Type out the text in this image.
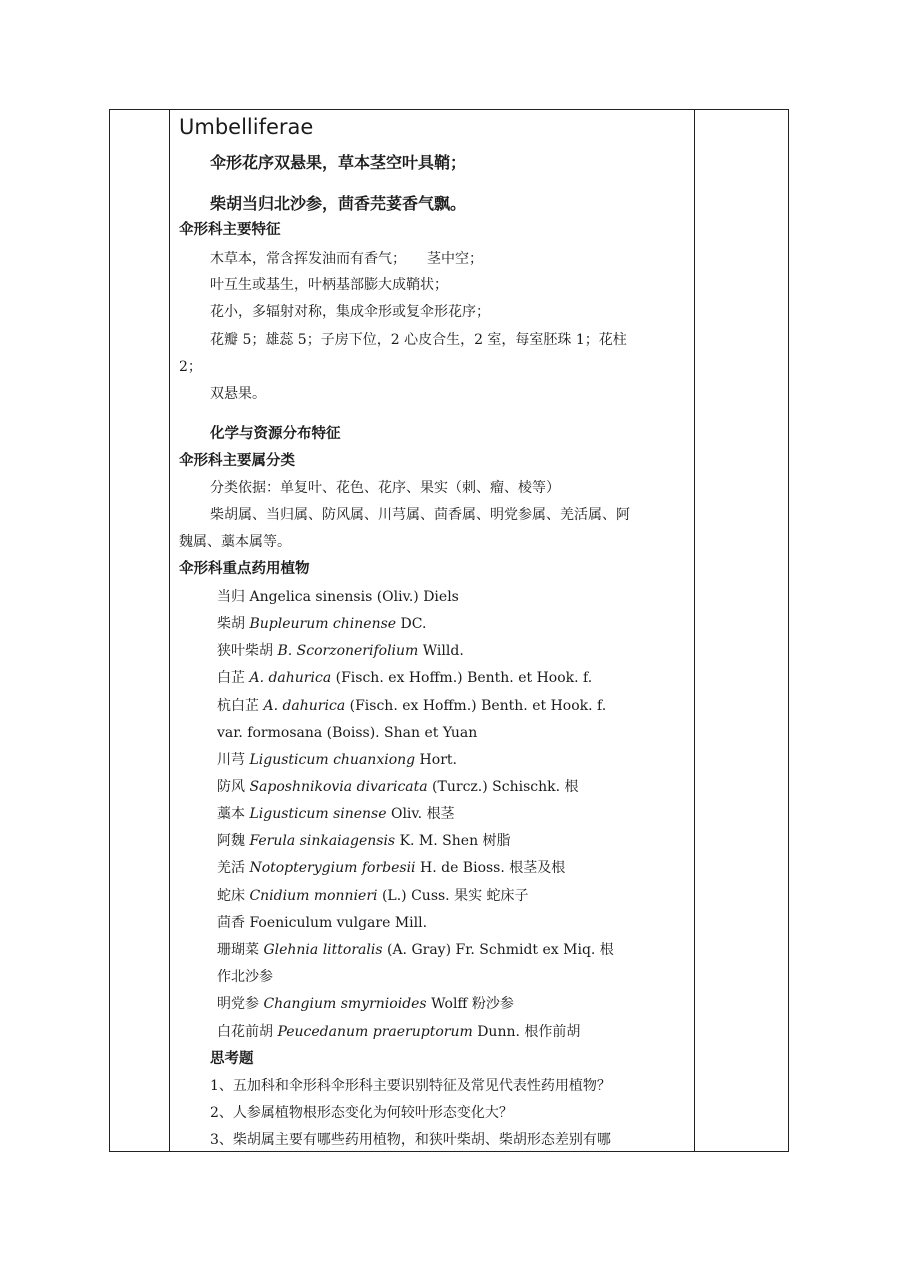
Umbelliferae
伞形花序双悬果，草本茎空叶具鞘；
柴胡当归北沙参，茴香芫荽香气飘。
伞形科主要特征
木草本，常含挥发油而有香气；　　茎中空；
叶互生或基生，叶柄基部膨大成鞘状；
花小，多辐射对称，集成伞形或复伞形花序；
花瓣 5；雄蕊 5；子房下位，2 心皮合生，2 室，每室胚珠 1；花柱
2；
双悬果。
化学与资源分布特征
伞形科主要属分类
分类依据：单复叶、花色、花序、果实（刺、瘤、棱等）
柴胡属、当归属、防风属、川芎属、茴香属、明党参属、羌活属、阿
魏属、藁本属等。
伞形科重点药用植物
当归 Angelica sinensis (Oliv.) Diels
柴胡 Bupleurum chinense DC.
狭叶柴胡 B. Scorzonerifolium Willd.
白芷 A. dahurica (Fisch. ex Hoffm.) Benth. et Hook. f.
杭白芷 A. dahurica (Fisch. ex Hoffm.) Benth. et Hook. f.
var. formosana (Boiss). Shan et Yuan
川芎 Ligusticum chuanxiong Hort.
防风 Saposhnikovia divaricata (Turcz.) Schischk. 根
藁本 Ligusticum sinense Oliv. 根茎
阿魏 Ferula sinkaiagensis K. M. Shen 树脂
羌活 Notopterygium forbesii H. de Bioss. 根茎及根
蛇床 Cnidium monnieri (L.) Cuss. 果实 蛇床子
茴香 Foeniculum vulgare Mill.
珊瑚菜 Glehnia littoralis (A. Gray) Fr. Schmidt ex Miq. 根
作北沙参
明党参 Changium smyrnioides Wolff 粉沙参
白花前胡 Peucedanum praeruptorum Dunn. 根作前胡
思考题
1、五加科和伞形科伞形科主要识别特征及常见代表性药用植物？
2、人参属植物根形态变化为何较叶形态变化大？
3、柴胡属主要有哪些药用植物，和狭叶柴胡、柴胡形态差别有哪
